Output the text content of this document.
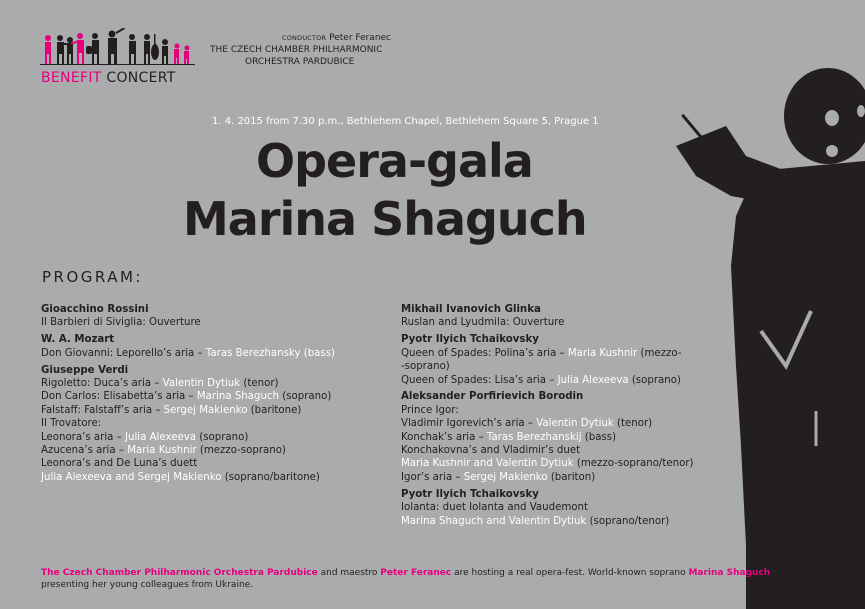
BENEFIT CONCERT
CONDUCTOR Peter Feranec
THE CZECH CHAMBER PHILHARMONIC
ORCHESTRA PARDUBICE
1. 4. 2015 from 7.30 p.m., Bethlehem Chapel, Bethlehem Square 5, Prague 1
Opera-gala
Marina Shaguch
PROGRAM:
Gioacchino Rossini
Il Barbieri di Siviglia: Ouverture
W. A. Mozart
Don Giovanni: Leporello’s aria – Taras Berezhansky (bass)
Giuseppe Verdi
Rigoletto: Duca’s aria – Valentin Dytiuk (tenor)
Don Carlos: Elisabetta’s aria – Marina Shaguch (soprano)
Falstaff: Falstaff’s aria – Sergej Makienko (baritone)
Il Trovatore:
Leonora’s aria – Julia Alexeeva (soprano)
Azucena’s aria – Maria Kushnir (mezzo-soprano)
Leonora’s and De Luna’s duett
Julia Alexeeva and Sergej Makienko (soprano/baritone)
Mikhail Ivanovich Glinka
Ruslan and Lyudmila: Ouverture
Pyotr Ilyich Tchaikovsky
Queen of Spades: Polina’s aria – Maria Kushnir (mezzo-
-soprano)
Queen of Spades: Lisa’s aria – Julia Alexeeva (soprano)
Aleksander Porfirievich Borodin
Prince Igor:
Vladimir Igorevich’s aria – Valentin Dytiuk (tenor)
Konchak’s aria – Taras Berezhanskij (bass)
Konchakovna’s and Vladimir’s duet
Maria Kushnir and Valentin Dytiuk (mezzo-soprano/tenor)
Igor’s aria – Sergej Makienko (bariton)
Pyotr Ilyich Tchaikovsky
Iolanta: duet Iolanta and Vaudemont
Marina Shaguch and Valentin Dytiuk (soprano/tenor)
The Czech Chamber Philharmonic Orchestra Pardubice and maestro Peter Feranec are hosting a real opera-fest. World-known soprano Marina Shaguch is presenting her young colleagues from Ukraine.
